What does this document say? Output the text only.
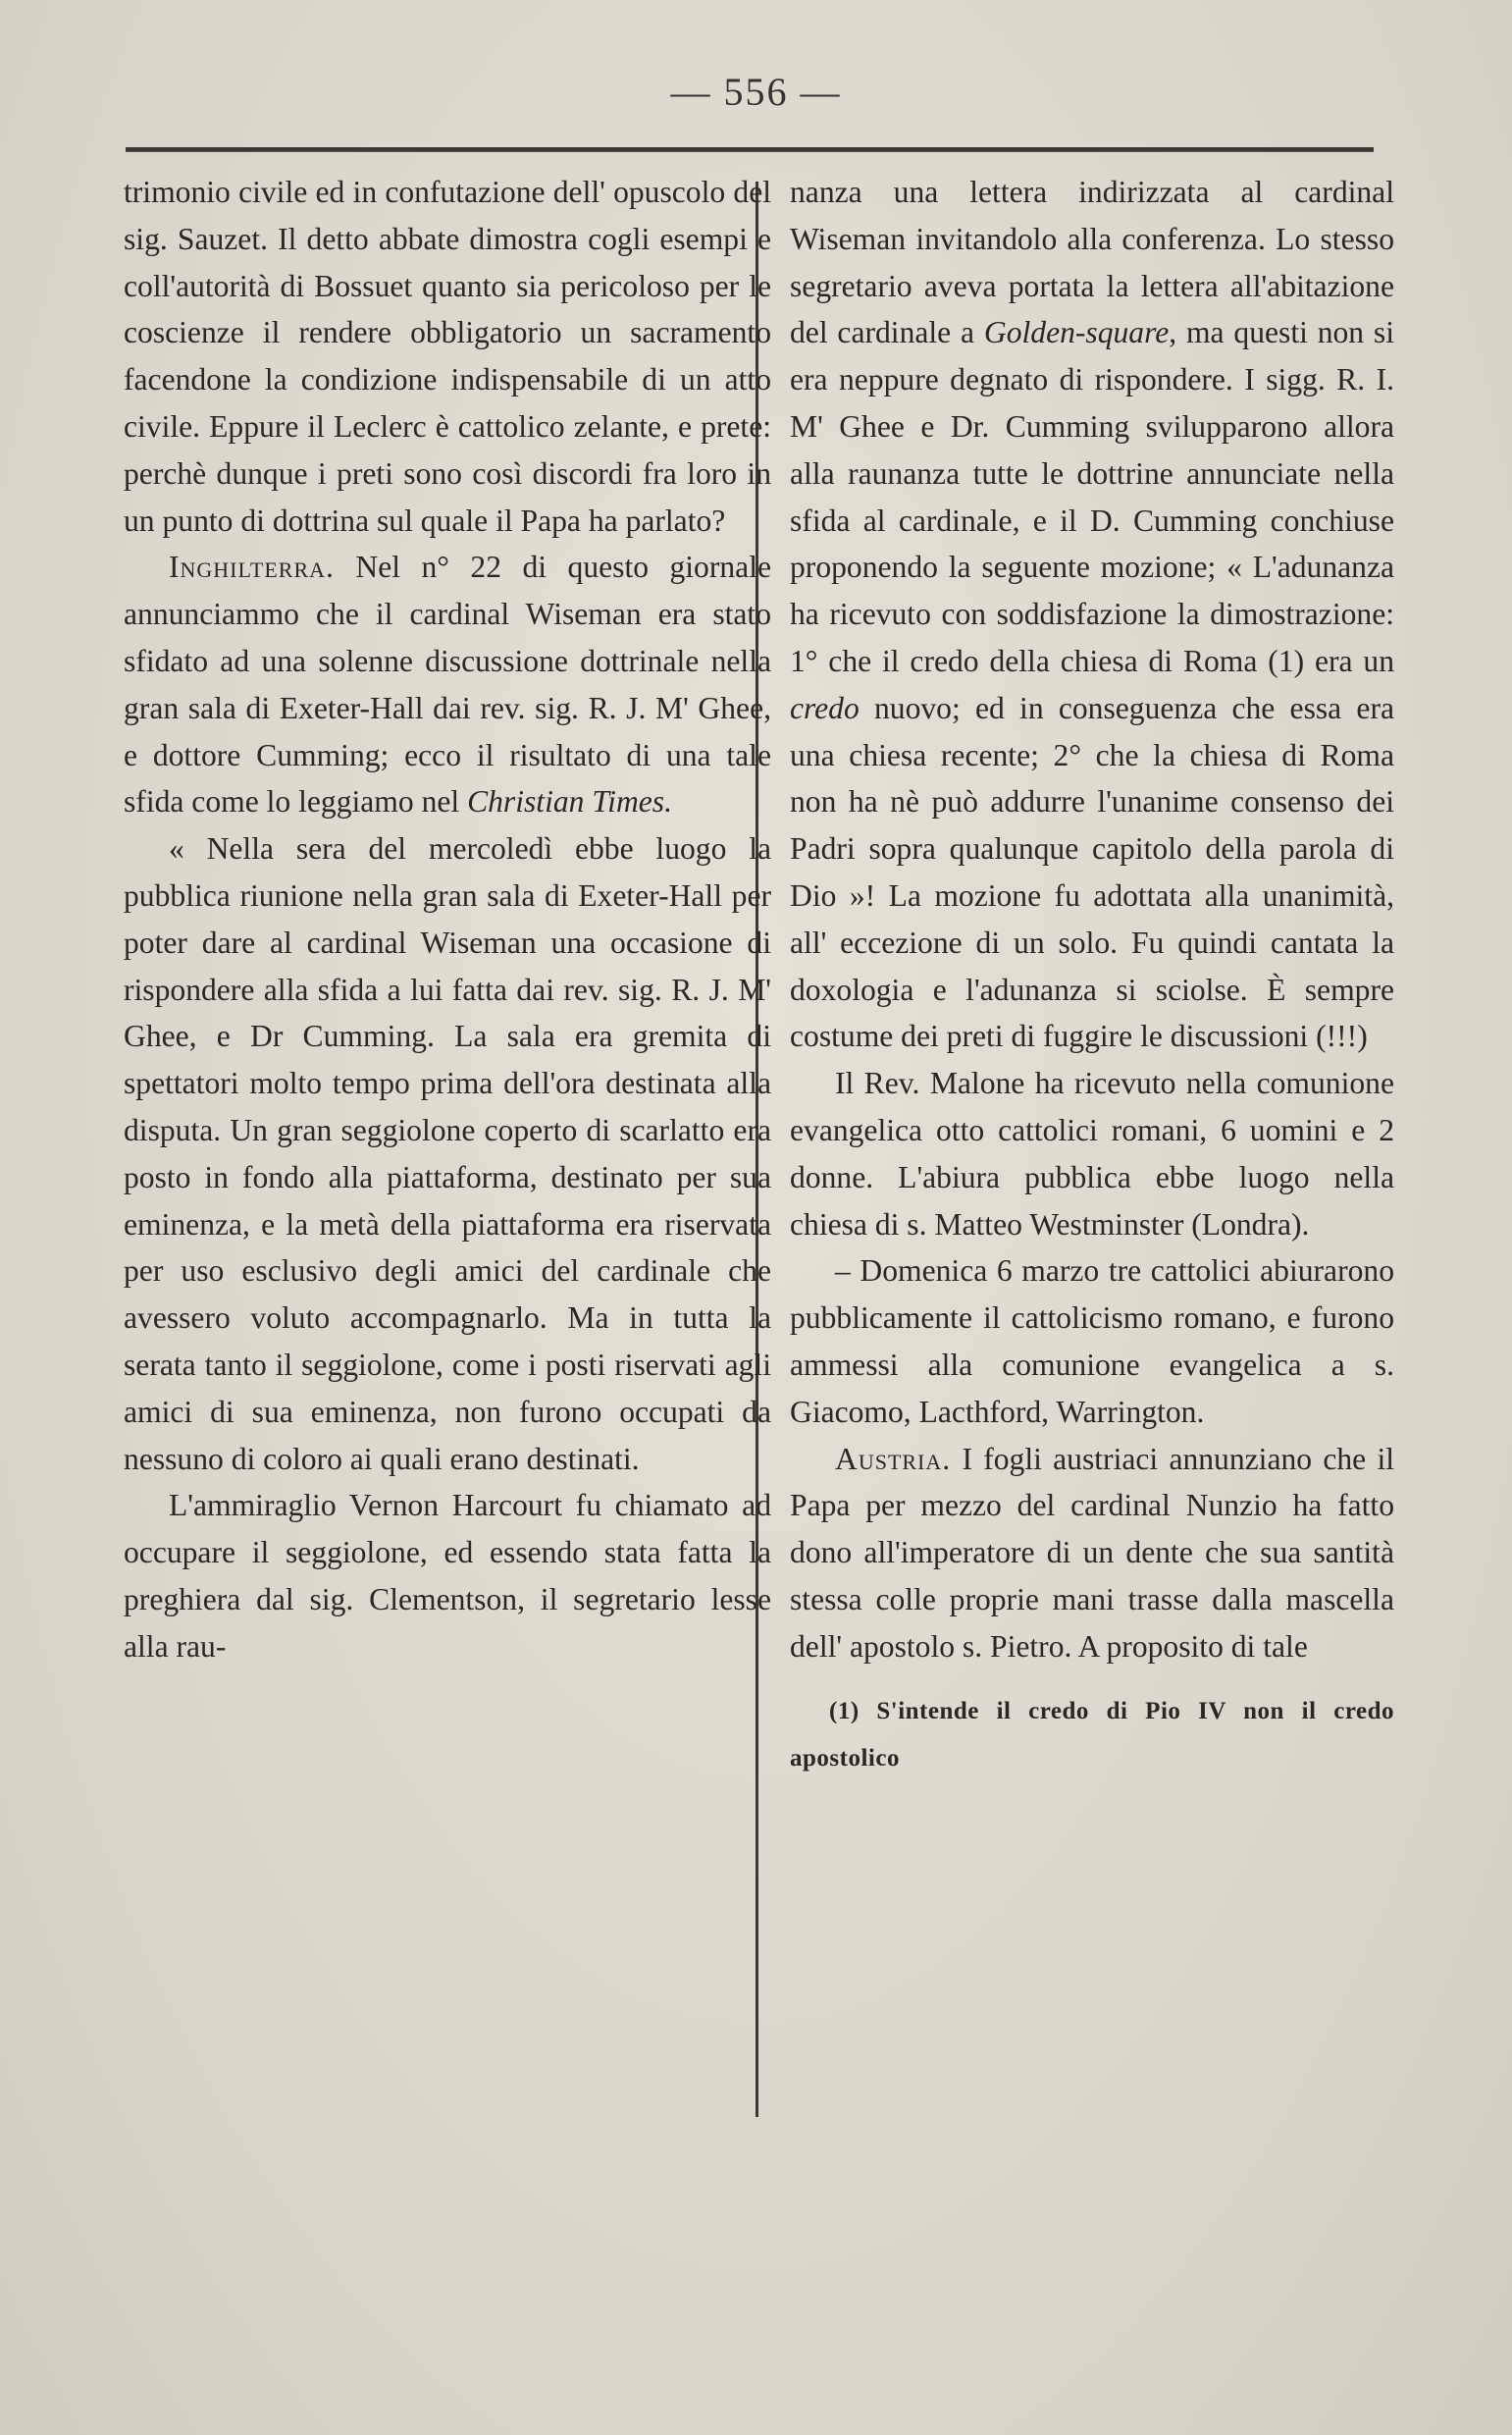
— 556 —

trimonio civile ed in confutazione dell' opuscolo del sig. Sauzet. Il detto abbate dimostra cogli esempi e coll'autorità di Bossuet quanto sia pericoloso per le coscienze il rendere obbligatorio un sacramento facendone la condizione indispensabile di un atto civile. Eppure il Leclerc è cattolico zelante, e prete: perchè dunque i preti sono così discordi fra loro in un punto di dottrina sul quale il Papa ha parlato?

Inghilterra. Nel n° 22 di questo giornale annunciammo che il cardinal Wiseman era stato sfidato ad una solenne discussione dottrinale nella gran sala di Exeter-Hall dai rev. sig. R. J. M' Ghee, e dottore Cumming; ecco il risultato di una tale sfida come lo leggiamo nel Christian Times.

« Nella sera del mercoledì ebbe luogo la pubblica riunione nella gran sala di Exeter-Hall per poter dare al cardinal Wiseman una occasione di rispondere alla sfida a lui fatta dai rev. sig. R. J. M' Ghee, e Dr Cumming. La sala era gremita di spettatori molto tempo prima dell'ora destinata alla disputa. Un gran seggiolone coperto di scarlatto era posto in fondo alla piattaforma, destinato per sua eminenza, e la metà della piattaforma era riservata per uso esclusivo degli amici del cardinale che avessero voluto accompagnarlo. Ma in tutta la serata tanto il seggiolone, come i posti riservati agli amici di sua eminenza, non furono occupati da nessuno di coloro ai quali erano destinati.

L'ammiraglio Vernon Harcourt fu chiamato ad occupare il seggiolone, ed essendo stata fatta la preghiera dal sig. Clementson, il segretario lesse alla rau-

nanza una lettera indirizzata al cardinal Wiseman invitandolo alla conferenza. Lo stesso segretario aveva portata la lettera all'abitazione del cardinale a Golden-square, ma questi non si era neppure degnato di rispondere. I sigg. R. I. M' Ghee e Dr. Cumming svilupparono allora alla raunanza tutte le dottrine annunciate nella sfida al cardinale, e il D. Cumming conchiuse proponendo la seguente mozione; « L'adunanza ha ricevuto con soddisfazione la dimostrazione: 1° che il credo della chiesa di Roma (1) era un credo nuovo; ed in conseguenza che essa era una chiesa recente; 2° che la chiesa di Roma non ha nè può addurre l'unanime consenso dei Padri sopra qualunque capitolo della parola di Dio »! La mozione fu adottata alla unanimità, all' eccezione di un solo. Fu quindi cantata la doxologia e l'adunanza si sciolse. È sempre costume dei preti di fuggire le discussioni (!!!)

Il Rev. Malone ha ricevuto nella comunione evangelica otto cattolici romani, 6 uomini e 2 donne. L'abiura pubblica ebbe luogo nella chiesa di s. Matteo Westminster (Londra).

– Domenica 6 marzo tre cattolici abiurarono pubblicamente il cattolicismo romano, e furono ammessi alla comunione evangelica a s. Giacomo, Lacthford, Warrington.

Austria. I fogli austriaci annunziano che il Papa per mezzo del cardinal Nunzio ha fatto dono all'imperatore di un dente che sua santità stessa colle proprie mani trasse dalla mascella dell' apostolo s. Pietro. A proposito di tale

(1) S'intende il credo di Pio IV non il credo apostolico
